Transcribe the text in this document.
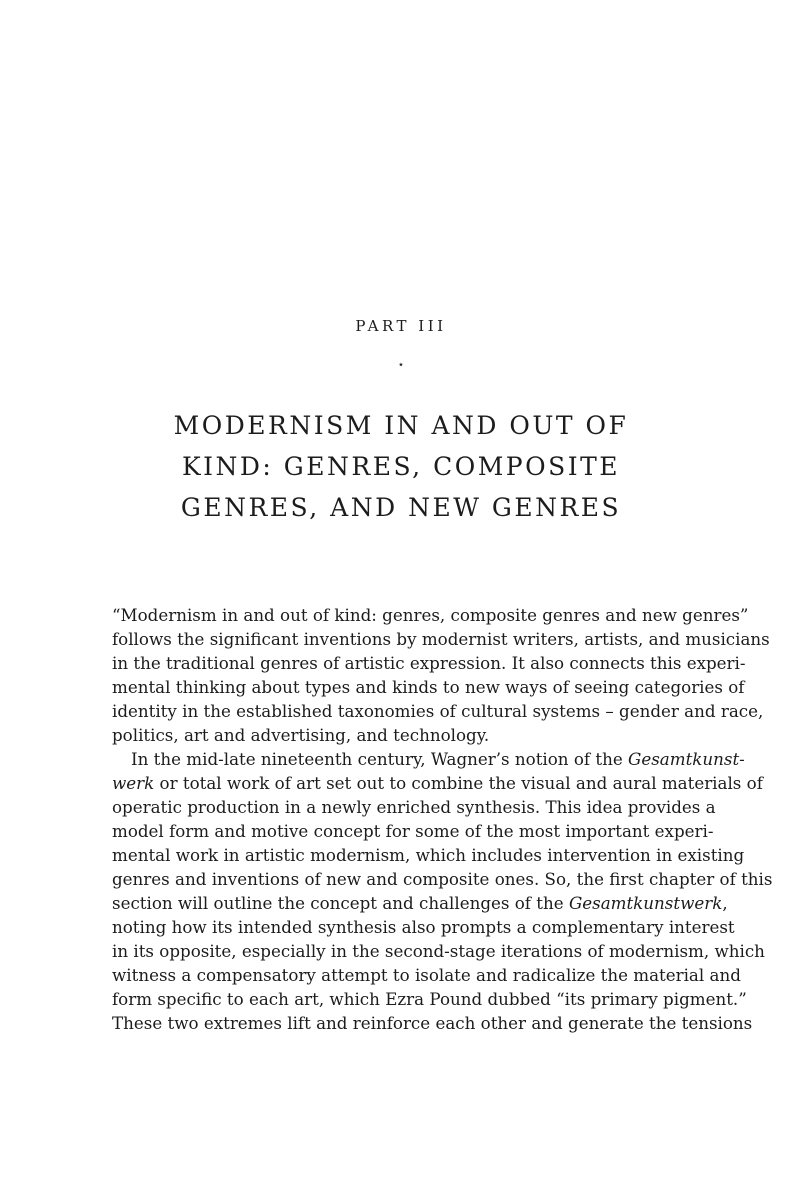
PART III
⋆
MODERNISM IN AND OUT OF
KIND: GENRES, COMPOSITE
GENRES, AND NEW GENRES
“Modernism in and out of kind: genres, composite genres and new genres”
follows the significant inventions by modernist writers, artists, and musicians
in the traditional genres of artistic expression. It also connects this experi-
mental thinking about types and kinds to new ways of seeing categories of
identity in the established taxonomies of cultural systems – gender and race,
politics, art and advertising, and technology.
In the mid-late nineteenth century, Wagner’s notion of the Gesamtkunst-
werk or total work of art set out to combine the visual and aural materials of
operatic production in a newly enriched synthesis. This idea provides a
model form and motive concept for some of the most important experi-
mental work in artistic modernism, which includes intervention in existing
genres and inventions of new and composite ones. So, the first chapter of this
section will outline the concept and challenges of the Gesamtkunstwerk,
noting how its intended synthesis also prompts a complementary interest
in its opposite, especially in the second-stage iterations of modernism, which
witness a compensatory attempt to isolate and radicalize the material and
form specific to each art, which Ezra Pound dubbed “its primary pigment.”
These two extremes lift and reinforce each other and generate the tensions
